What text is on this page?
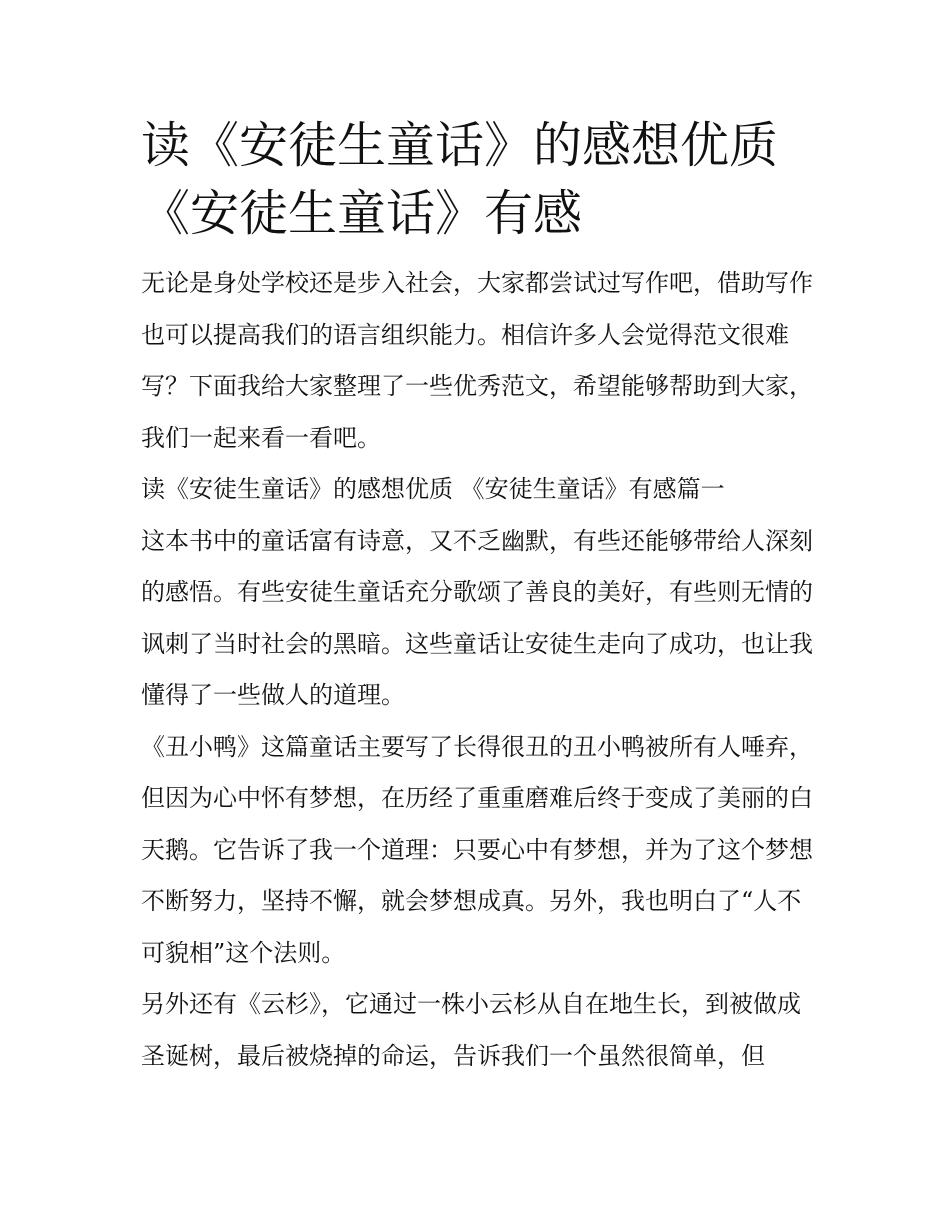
读《安徒生童话》的感想优质
《安徒生童话》有感

无论是身处学校还是步入社会，大家都尝试过写作吧，借助写作也可以提高我们的语言组织能力。相信许多人会觉得范文很难写？下面我给大家整理了一些优秀范文，希望能够帮助到大家，我们一起来看一看吧。

读《安徒生童话》的感想优质 《安徒生童话》有感篇一

这本书中的童话富有诗意，又不乏幽默，有些还能够带给人深刻的感悟。有些安徒生童话充分歌颂了善良的美好，有些则无情的讽刺了当时社会的黑暗。这些童话让安徒生走向了成功，也让我懂得了一些做人的道理。

《丑小鸭》这篇童话主要写了长得很丑的丑小鸭被所有人唾弃，但因为心中怀有梦想，在历经了重重磨难后终于变成了美丽的白天鹅。它告诉了我一个道理：只要心中有梦想，并为了这个梦想不断努力，坚持不懈，就会梦想成真。另外，我也明白了“人不可貌相”这个法则。

另外还有《云杉》，它通过一株小云杉从自在地生长，到被做成圣诞树，最后被烧掉的命运，告诉我们一个虽然很简单，但
